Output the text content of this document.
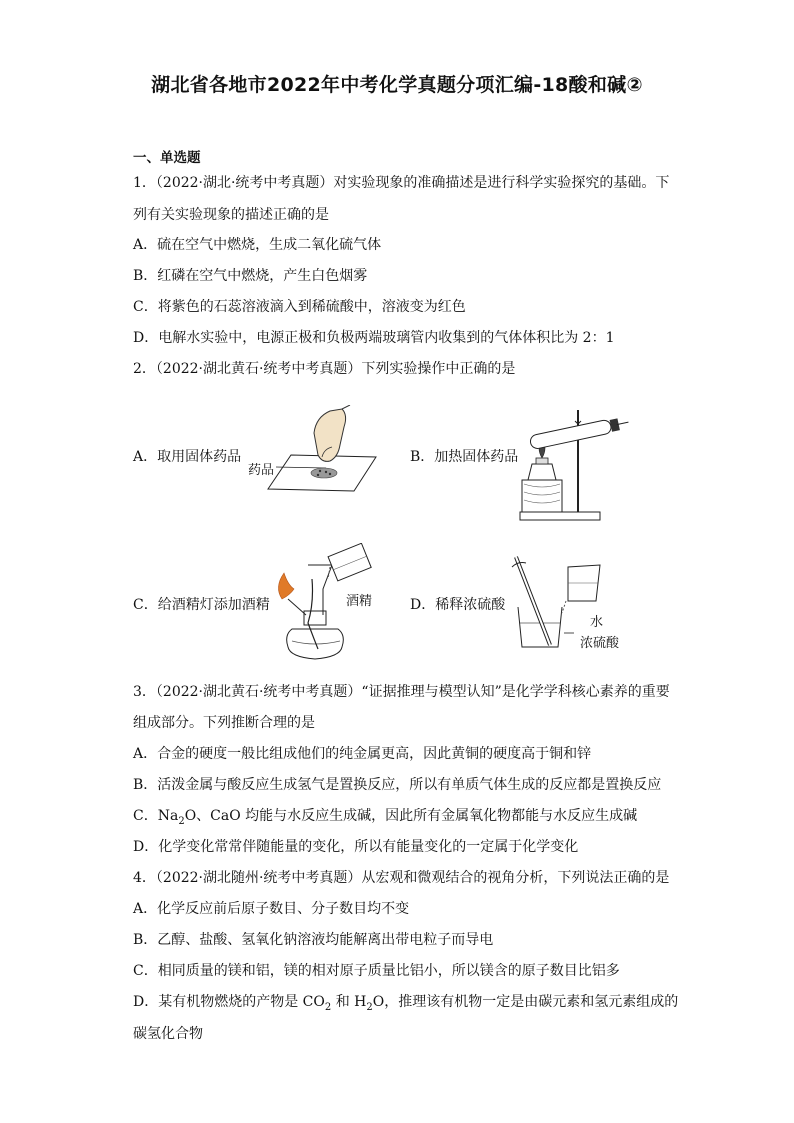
湖北省各地市2022年中考化学真题分项汇编-18酸和碱②
一、单选题
1．（2022·湖北·统考中考真题）对实验现象的准确描述是进行科学实验探究的基础。下
列有关实验现象的描述正确的是
A．硫在空气中燃烧，生成二氧化硫气体
B．红磷在空气中燃烧，产生白色烟雾
C．将紫色的石蕊溶液滴入到稀硫酸中，溶液变为红色
D．电解水实验中，电源正极和负极两端玻璃管内收集到的气体体积比为 2：1
2．（2022·湖北黄石·统考中考真题）下列实验操作中正确的是
A．取用固体药品
药品
B．加热固体药品
C．给酒精灯添加酒精	酒精	D．稀释浓硫酸
水
浓硫酸
3．（2022·湖北黄石·统考中考真题）“证据推理与模型认知”是化学学科核心素养的重要
组成部分。下列推断合理的是
A．合金的硬度一般比组成他们的纯金属更高，因此黄铜的硬度高于铜和锌
B．活泼金属与酸反应生成氢气是置换反应，所以有单质气体生成的反应都是置换反应
C．$Na_2O$、CaO 均能与水反应生成碱，因此所有金属氧化物都能与水反应生成碱
D．化学变化常常伴随能量的变化，所以有能量变化的一定属于化学变化
4．（2022·湖北随州·统考中考真题）从宏观和微观结合的视角分析，下列说法正确的是
A．化学反应前后原子数目、分子数目均不变
B．乙醇、盐酸、氢氧化钠溶液均能解离出带电粒子而导电
C．相同质量的镁和铝，镁的相对原子质量比铝小，所以镁含的原子数目比铝多
D．某有机物燃烧的产物是 $CO_2$ 和 $H_2O$，推理该有机物一定是由碳元素和氢元素组成的
碳氢化合物
